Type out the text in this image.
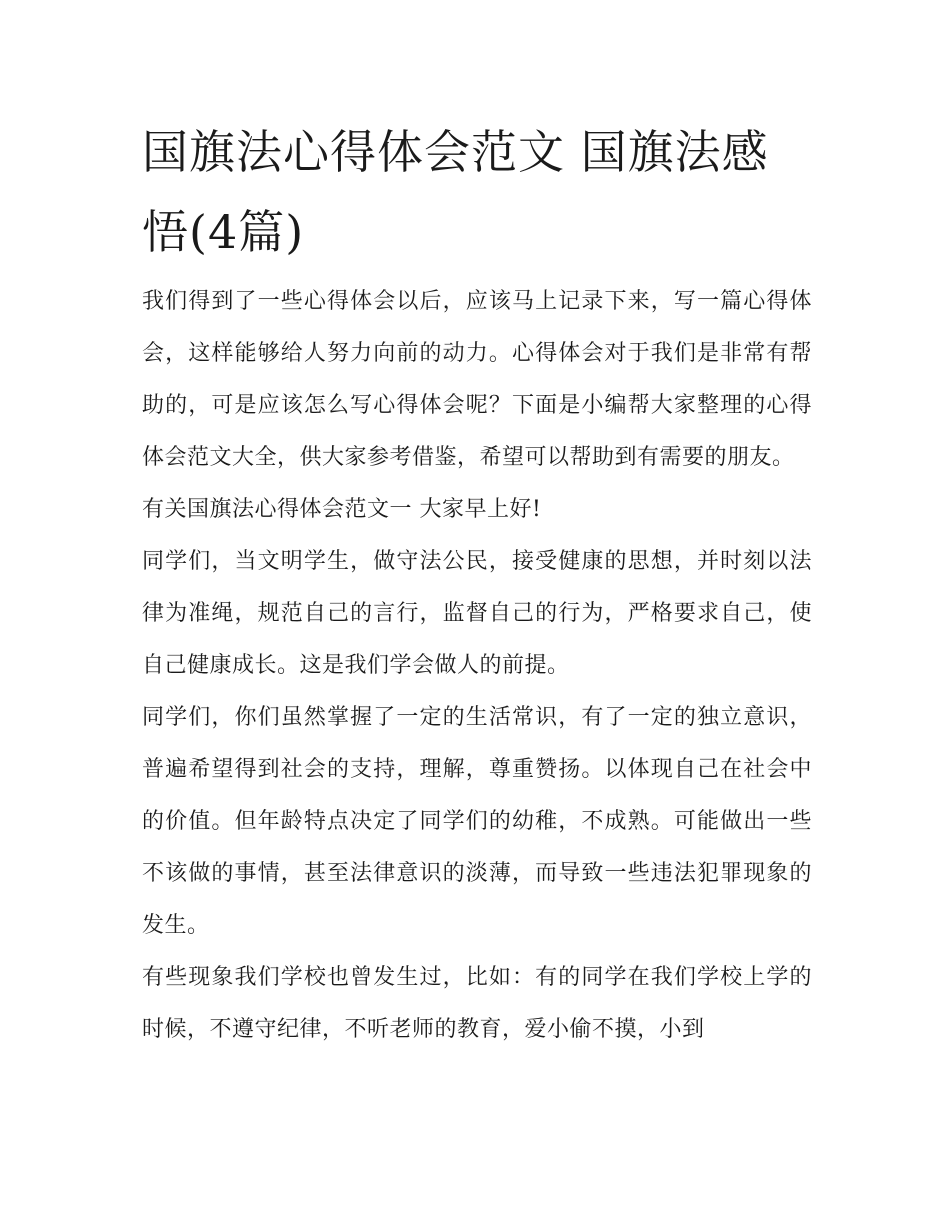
国旗法心得体会范文 国旗法感悟(4篇)

我们得到了一些心得体会以后，应该马上记录下来，写一篇心得体会，这样能够给人努力向前的动力。心得体会对于我们是非常有帮助的，可是应该怎么写心得体会呢？下面是小编帮大家整理的心得体会范文大全，供大家参考借鉴，希望可以帮助到有需要的朋友。

有关国旗法心得体会范文一 大家早上好!

同学们，当文明学生，做守法公民，接受健康的思想，并时刻以法律为准绳，规范自己的言行，监督自己的行为，严格要求自己，使自己健康成长。这是我们学会做人的前提。

同学们，你们虽然掌握了一定的生活常识，有了一定的独立意识，普遍希望得到社会的支持，理解，尊重赞扬。以体现自己在社会中的价值。但年龄特点决定了同学们的幼稚，不成熟。可能做出一些不该做的事情，甚至法律意识的淡薄，而导致一些违法犯罪现象的发生。

有些现象我们学校也曾发生过，比如：有的同学在我们学校上学的时候，不遵守纪律，不听老师的教育，爱小偷不摸，小到
